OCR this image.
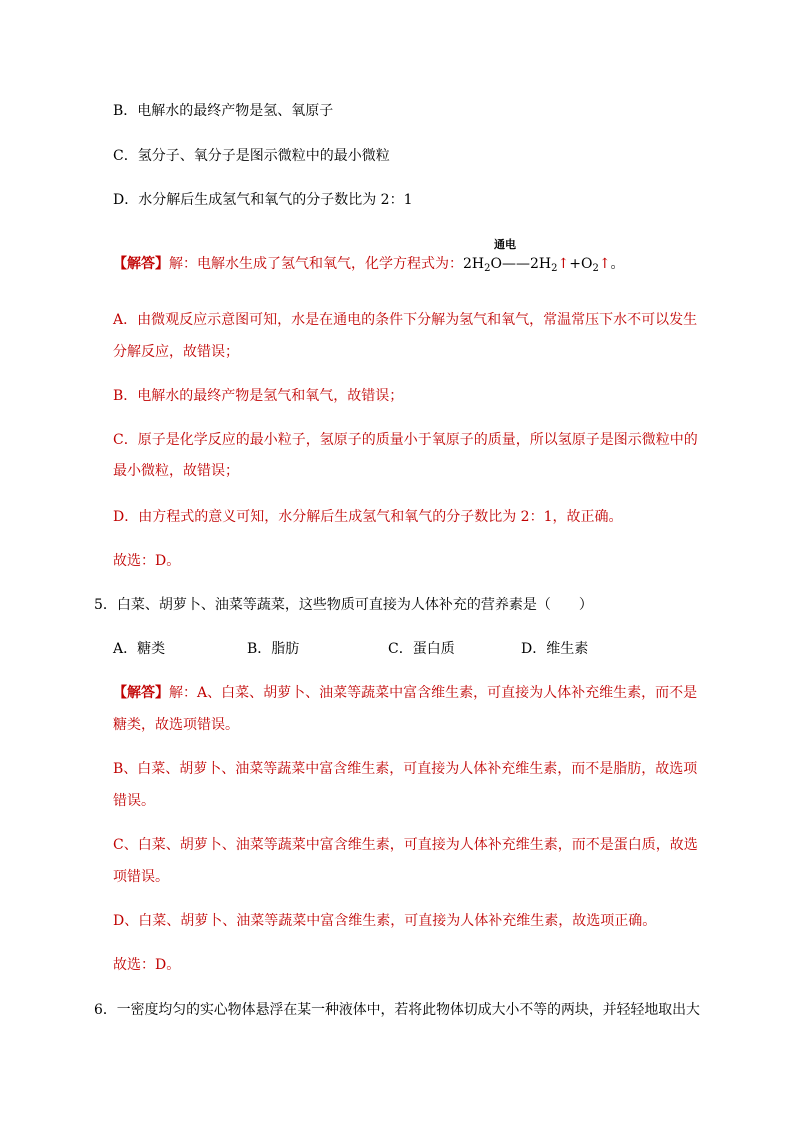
B．电解水的最终产物是氢、氧原子
C．氢分子、氧分子是图示微粒中的最小微粒
D．水分解后生成氢气和氧气的分子数比为 2：1
通电
【解答】解：电解水生成了氢气和氧气，化学方程式为：$2H_2O——2H_2↑+O_2↑$。
A．由微观反应示意图可知，水是在通电的条件下分解为氢气和氧气，常温常压下水不可以发生
分解反应，故错误；
B．电解水的最终产物是氢气和氧气，故错误；
C．原子是化学反应的最小粒子，氢原子的质量小于氧原子的质量，所以氢原子是图示微粒中的
最小微粒，故错误；
D．由方程式的意义可知，水分解后生成氢气和氧气的分子数比为 2：1，故正确。
故选：D。
5．白菜、胡萝卜、油菜等蔬菜，这些物质可直接为人体补充的营养素是（　　）
A．糖类	B．脂肪	C．蛋白质	D．维生素
【解答】解：A、白菜、胡萝卜、油菜等蔬菜中富含维生素，可直接为人体补充维生素，而不是
糖类，故选项错误。
B、白菜、胡萝卜、油菜等蔬菜中富含维生素，可直接为人体补充维生素，而不是脂肪，故选项
错误。
C、白菜、胡萝卜、油菜等蔬菜中富含维生素，可直接为人体补充维生素，而不是蛋白质，故选
项错误。
D、白菜、胡萝卜、油菜等蔬菜中富含维生素，可直接为人体补充维生素，故选项正确。
故选：D。
6．一密度均匀的实心物体悬浮在某一种液体中，若将此物体切成大小不等的两块，并轻轻地取出大
